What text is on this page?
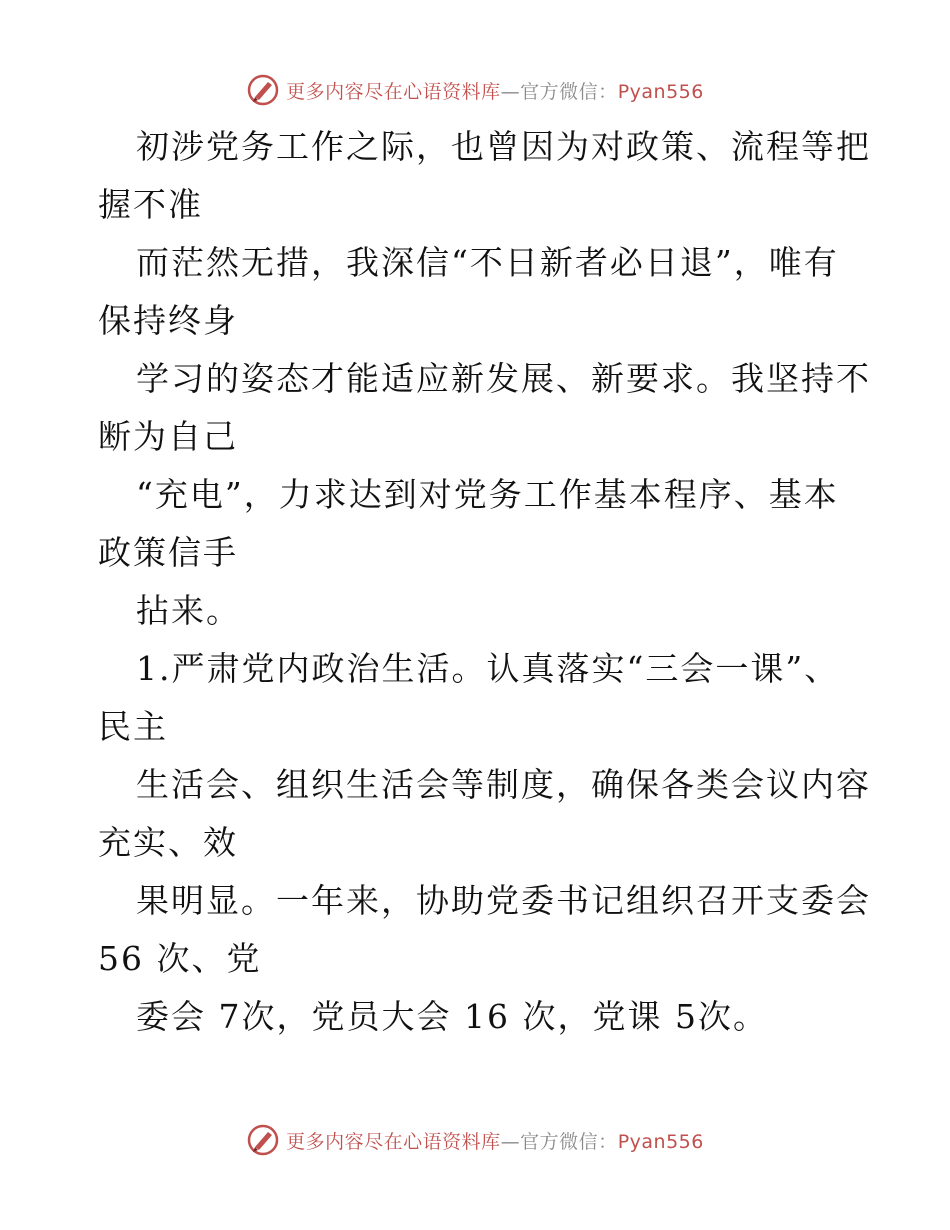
更多内容尽在心语资料库—官方微信：Pyan556
初涉党务工作之际，也曾因为对政策、流程等把
握不准
而茫然无措，我深信“不日新者必日退”，唯有
保持终身
学习的姿态才能适应新发展、新要求。我坚持不
断为自己
“充电”，力求达到对党务工作基本程序、基本
政策信手
拈来。
1.严肃党内政治生活。认真落实“三会一课”、
民主
生活会、组织生活会等制度，确保各类会议内容
充实、效
果明显。一年来，协助党委书记组织召开支委会
56 次、党
委会 7次，党员大会 16 次，党课 5次。
更多内容尽在心语资料库—官方微信：Pyan556
